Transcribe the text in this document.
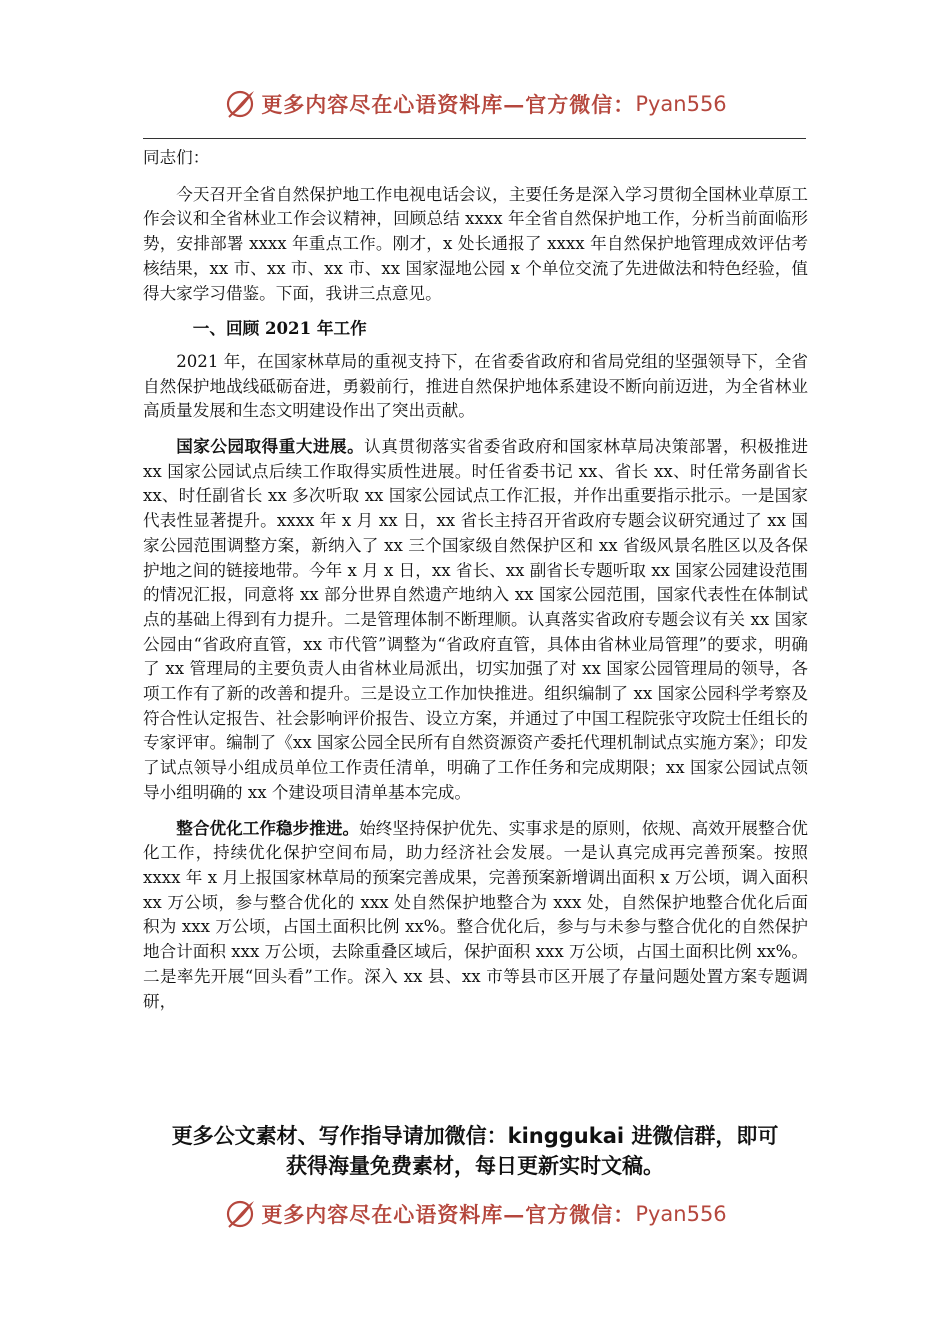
更多内容尽在心语资料库—官方微信： Pyan556

同志们：

今天召开全省自然保护地工作电视电话会议，主要任务是深入学习贯彻全国林业草原工作会议和全省林业工作会议精神，回顾总结 xxxx 年全省自然保护地工作，分析当前面临形势，安排部署 xxxx 年重点工作。刚才，x 处长通报了 xxxx 年自然保护地管理成效评估考核结果，xx 市、xx 市、xx 市、xx 国家湿地公园 x 个单位交流了先进做法和特色经验，值得大家学习借鉴。下面，我讲三点意见。

一、回顾 2021 年工作

2021 年，在国家林草局的重视支持下，在省委省政府和省局党组的坚强领导下，全省自然保护地战线砥砺奋进，勇毅前行，推进自然保护地体系建设不断向前迈进，为全省林业高质量发展和生态文明建设作出了突出贡献。

国家公园取得重大进展。认真贯彻落实省委省政府和国家林草局决策部署，积极推进 xx 国家公园试点后续工作取得实质性进展。时任省委书记 xx、省长 xx、时任常务副省长 xx、时任副省长 xx 多次听取 xx 国家公园试点工作汇报，并作出重要指示批示。一是国家代表性显著提升。xxxx 年 x 月 xx 日，xx 省长主持召开省政府专题会议研究通过了 xx 国家公园范围调整方案，新纳入了 xx 三个国家级自然保护区和 xx 省级风景名胜区以及各保护地之间的链接地带。今年 x 月 x 日，xx 省长、xx 副省长专题听取 xx 国家公园建设范围的情况汇报，同意将 xx 部分世界自然遗产地纳入 xx 国家公园范围，国家代表性在体制试点的基础上得到有力提升。二是管理体制不断理顺。认真落实省政府专题会议有关 xx 国家公园由“省政府直管，xx 市代管”调整为“省政府直管，具体由省林业局管理”的要求，明确了 xx 管理局的主要负责人由省林业局派出，切实加强了对 xx 国家公园管理局的领导，各项工作有了新的改善和提升。三是设立工作加快推进。组织编制了 xx 国家公园科学考察及符合性认定报告、社会影响评价报告、设立方案，并通过了中国工程院张守攻院士任组长的专家评审。编制了《xx 国家公园全民所有自然资源资产委托代理机制试点实施方案》；印发了试点领导小组成员单位工作责任清单，明确了工作任务和完成期限；xx 国家公园试点领导小组明确的 xx 个建设项目清单基本完成。

整合优化工作稳步推进。始终坚持保护优先、实事求是的原则，依规、高效开展整合优化工作，持续优化保护空间布局，助力经济社会发展。一是认真完成再完善预案。按照 xxxx 年 x 月上报国家林草局的预案完善成果，完善预案新增调出面积 x 万公顷，调入面积 xx 万公顷，参与整合优化的 xxx 处自然保护地整合为 xxx 处，自然保护地整合优化后面积为 xxx 万公顷，占国土面积比例 xx%。整合优化后，参与与未参与整合优化的自然保护地合计面积 xxx 万公顷，去除重叠区域后，保护面积 xxx 万公顷，占国土面积比例 xx%。二是率先开展“回头看”工作。深入 xx 县、xx 市等县市区开展了存量问题处置方案专题调研，

更多公文素材、写作指导请加微信：kinggukai 进微信群，即可
获得海量免费素材，每日更新实时文稿。
更多内容尽在心语资料库—官方微信： Pyan556
